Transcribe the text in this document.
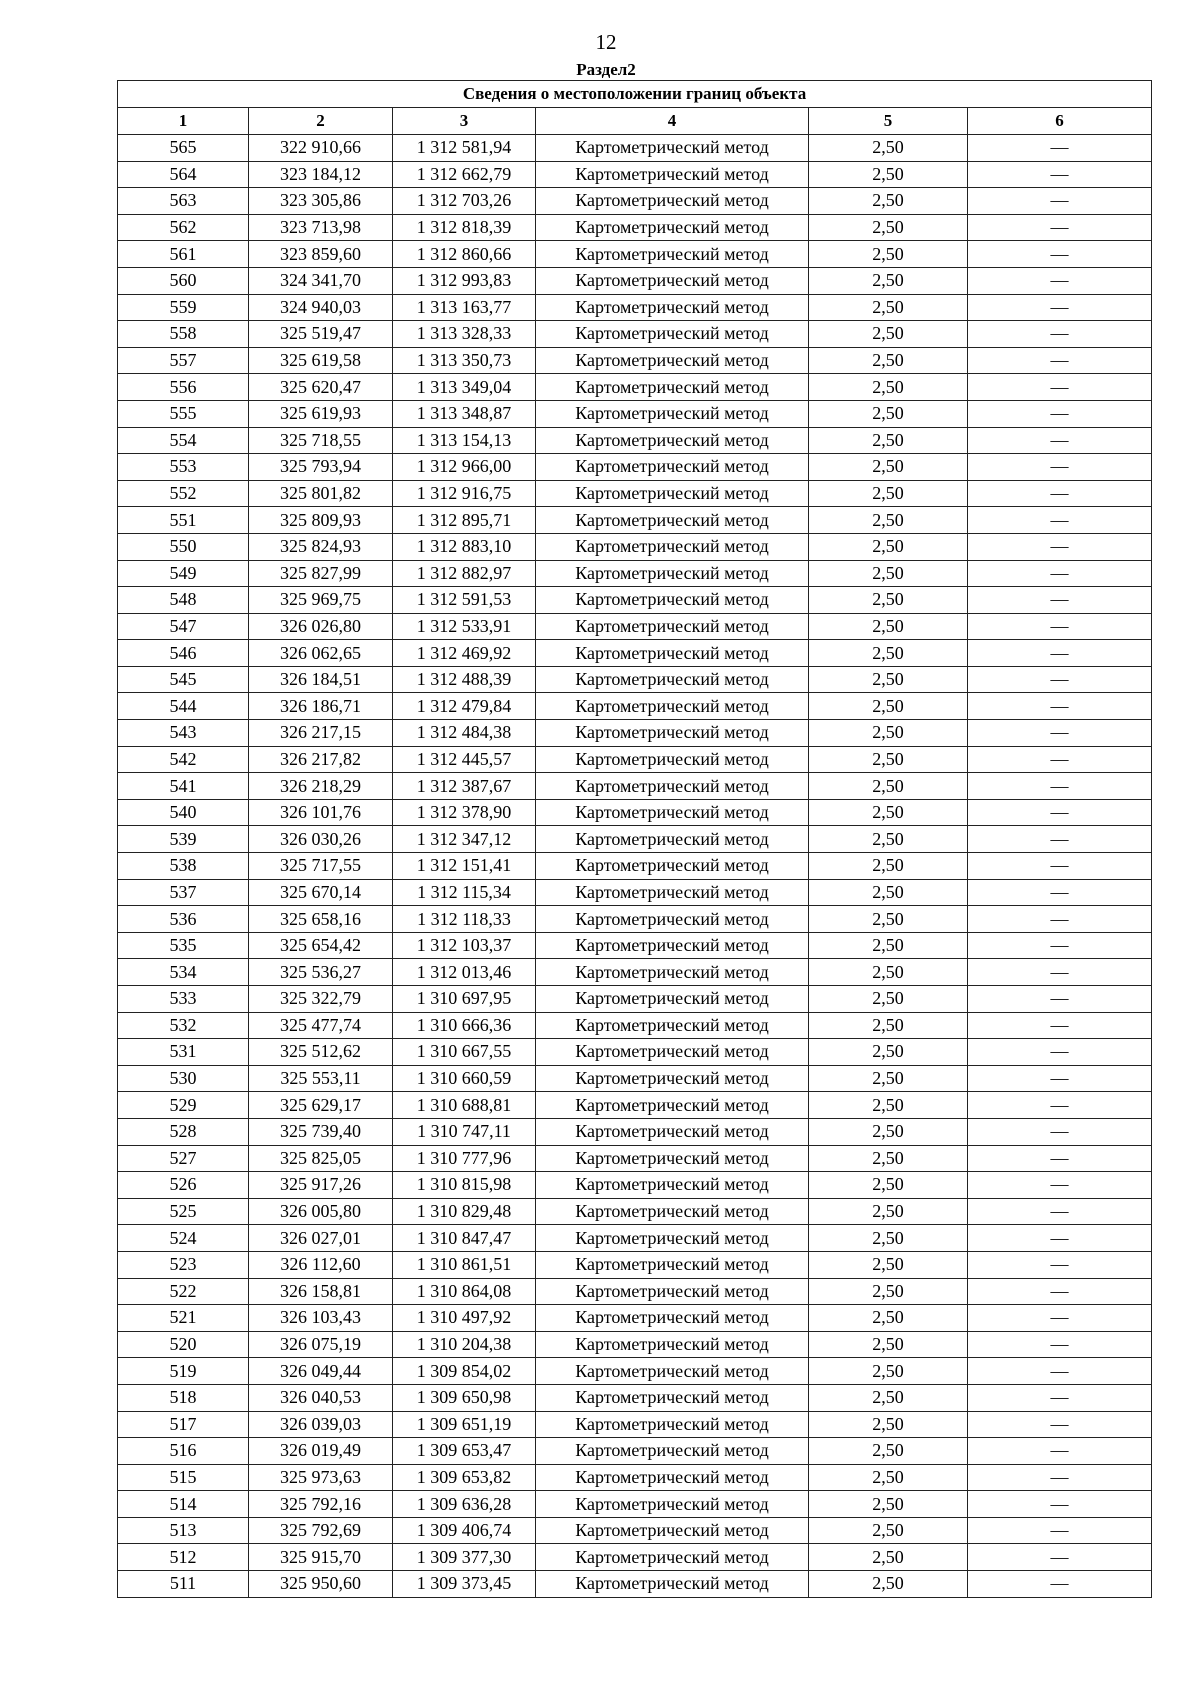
12
Раздел2
Сведения о местоположении границ объекта					
1	2	3	4	5	6
565	322 910,66	1 312 581,94	Картометрический метод	2,50	—
564	323 184,12	1 312 662,79	Картометрический метод	2,50	—
563	323 305,86	1 312 703,26	Картометрический метод	2,50	—
562	323 713,98	1 312 818,39	Картометрический метод	2,50	—
561	323 859,60	1 312 860,66	Картометрический метод	2,50	—
560	324 341,70	1 312 993,83	Картометрический метод	2,50	—
559	324 940,03	1 313 163,77	Картометрический метод	2,50	—
558	325 519,47	1 313 328,33	Картометрический метод	2,50	—
557	325 619,58	1 313 350,73	Картометрический метод	2,50	—
556	325 620,47	1 313 349,04	Картометрический метод	2,50	—
555	325 619,93	1 313 348,87	Картометрический метод	2,50	—
554	325 718,55	1 313 154,13	Картометрический метод	2,50	—
553	325 793,94	1 312 966,00	Картометрический метод	2,50	—
552	325 801,82	1 312 916,75	Картометрический метод	2,50	—
551	325 809,93	1 312 895,71	Картометрический метод	2,50	—
550	325 824,93	1 312 883,10	Картометрический метод	2,50	—
549	325 827,99	1 312 882,97	Картометрический метод	2,50	—
548	325 969,75	1 312 591,53	Картометрический метод	2,50	—
547	326 026,80	1 312 533,91	Картометрический метод	2,50	—
546	326 062,65	1 312 469,92	Картометрический метод	2,50	—
545	326 184,51	1 312 488,39	Картометрический метод	2,50	—
544	326 186,71	1 312 479,84	Картометрический метод	2,50	—
543	326 217,15	1 312 484,38	Картометрический метод	2,50	—
542	326 217,82	1 312 445,57	Картометрический метод	2,50	—
541	326 218,29	1 312 387,67	Картометрический метод	2,50	—
540	326 101,76	1 312 378,90	Картометрический метод	2,50	—
539	326 030,26	1 312 347,12	Картометрический метод	2,50	—
538	325 717,55	1 312 151,41	Картометрический метод	2,50	—
537	325 670,14	1 312 115,34	Картометрический метод	2,50	—
536	325 658,16	1 312 118,33	Картометрический метод	2,50	—
535	325 654,42	1 312 103,37	Картометрический метод	2,50	—
534	325 536,27	1 312 013,46	Картометрический метод	2,50	—
533	325 322,79	1 310 697,95	Картометрический метод	2,50	—
532	325 477,74	1 310 666,36	Картометрический метод	2,50	—
531	325 512,62	1 310 667,55	Картометрический метод	2,50	—
530	325 553,11	1 310 660,59	Картометрический метод	2,50	—
529	325 629,17	1 310 688,81	Картометрический метод	2,50	—
528	325 739,40	1 310 747,11	Картометрический метод	2,50	—
527	325 825,05	1 310 777,96	Картометрический метод	2,50	—
526	325 917,26	1 310 815,98	Картометрический метод	2,50	—
525	326 005,80	1 310 829,48	Картометрический метод	2,50	—
524	326 027,01	1 310 847,47	Картометрический метод	2,50	—
523	326 112,60	1 310 861,51	Картометрический метод	2,50	—
522	326 158,81	1 310 864,08	Картометрический метод	2,50	—
521	326 103,43	1 310 497,92	Картометрический метод	2,50	—
520	326 075,19	1 310 204,38	Картометрический метод	2,50	—
519	326 049,44	1 309 854,02	Картометрический метод	2,50	—
518	326 040,53	1 309 650,98	Картометрический метод	2,50	—
517	326 039,03	1 309 651,19	Картометрический метод	2,50	—
516	326 019,49	1 309 653,47	Картометрический метод	2,50	—
515	325 973,63	1 309 653,82	Картометрический метод	2,50	—
514	325 792,16	1 309 636,28	Картометрический метод	2,50	—
513	325 792,69	1 309 406,74	Картометрический метод	2,50	—
512	325 915,70	1 309 377,30	Картометрический метод	2,50	—
511	325 950,60	1 309 373,45	Картометрический метод	2,50	—
